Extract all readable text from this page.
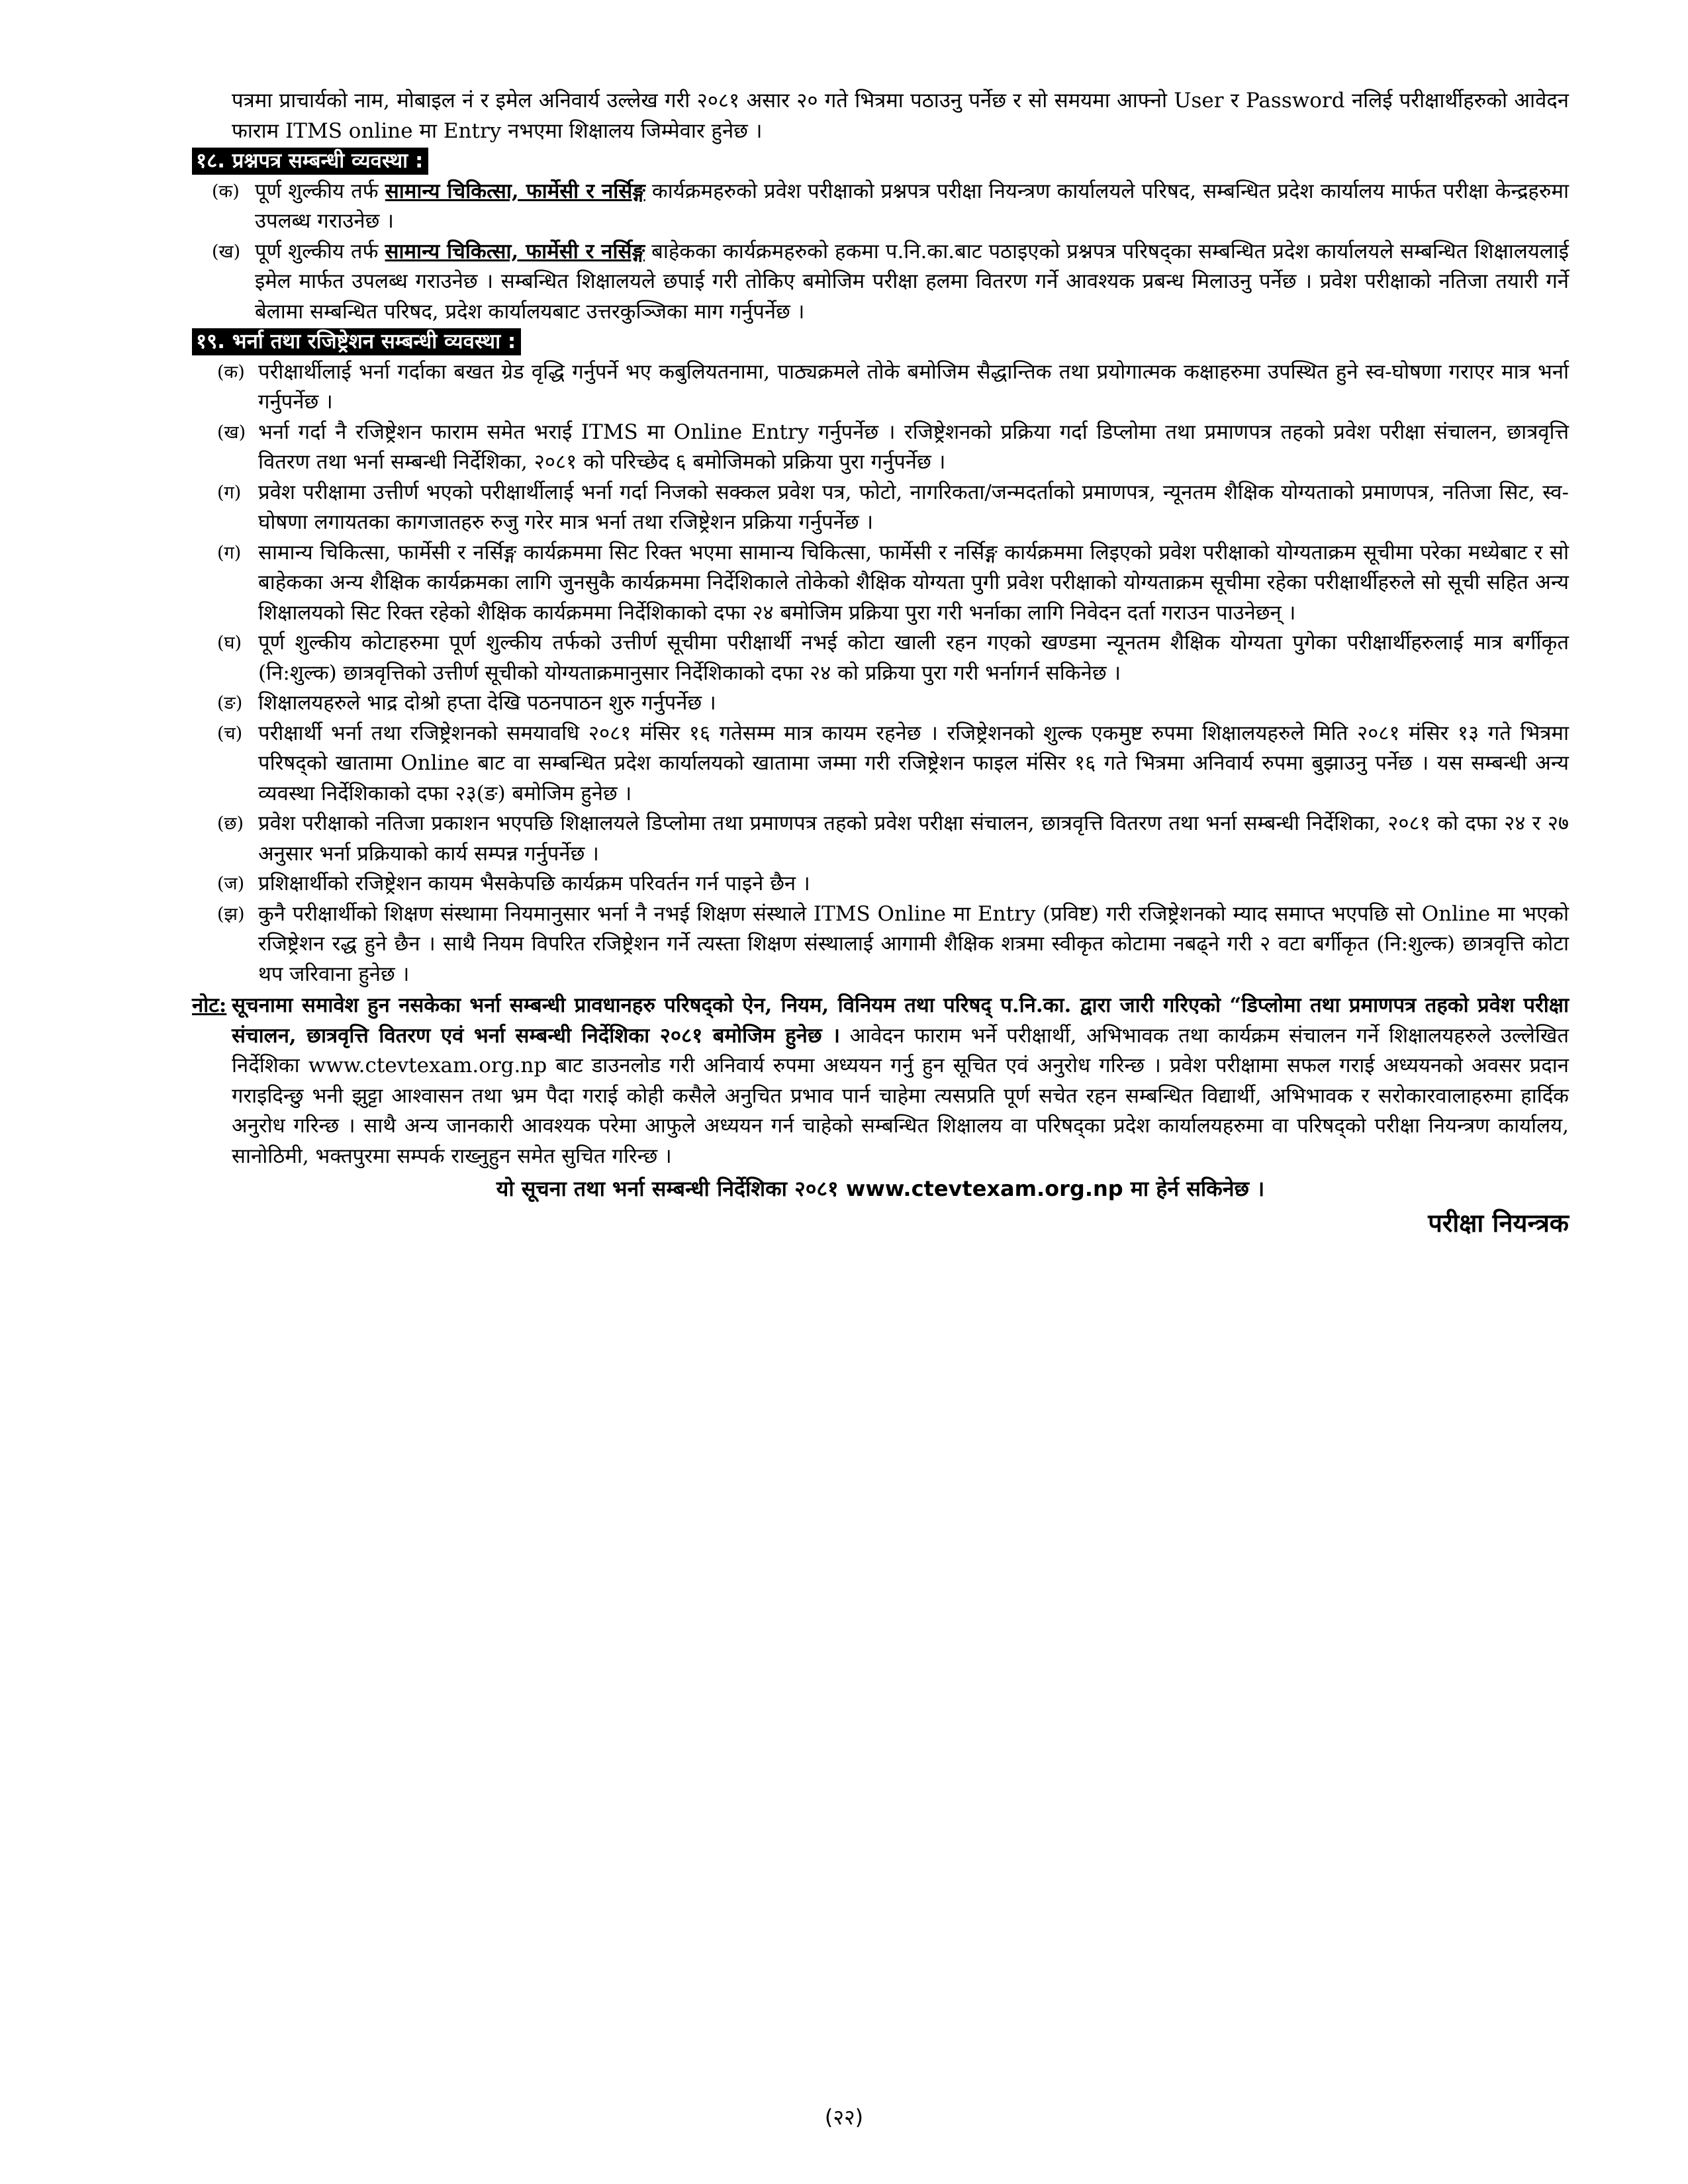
पत्रमा प्राचार्यको नाम, मोबाइल नं र इमेल अनिवार्य उल्लेख गरी २०८१ असार २० गते भित्रमा पठाउनु पर्नेछ र सो समयमा आफ्नो User र Password नलिई परीक्षार्थीहरुको आवेदन फाराम ITMS online मा Entry नभएमा शिक्षालय जिम्मेवार हुनेछ ।

१८. प्रश्नपत्र सम्बन्धी व्यवस्था :

(क) पूर्ण शुल्कीय तर्फ सामान्य चिकित्सा, फार्मेसी र नर्सिङ्ग कार्यक्रमहरुको प्रवेश परीक्षाको प्रश्नपत्र परीक्षा नियन्त्रण कार्यालयले परिषद, सम्बन्धित प्रदेश कार्यालय मार्फत परीक्षा केन्द्रहरुमा उपलब्ध गराउनेछ ।

(ख) पूर्ण शुल्कीय तर्फ सामान्य चिकित्सा, फार्मेसी र नर्सिङ्ग बाहेकका कार्यक्रमहरुको हकमा प.नि.का.बाट पठाइएको प्रश्नपत्र परिषद्का सम्बन्धित प्रदेश कार्यालयले सम्बन्धित शिक्षालयलाई इमेल मार्फत उपलब्ध गराउनेछ । सम्बन्धित शिक्षालयले छपाई गरी तोकिए बमोजिम परीक्षा हलमा वितरण गर्ने आवश्यक प्रबन्ध मिलाउनु पर्नेछ । प्रवेश परीक्षाको नतिजा तयारी गर्ने बेलामा सम्बन्धित परिषद, प्रदेश कार्यालयबाट उत्तरकुञ्जिका माग गर्नुपर्नेछ ।

१९. भर्ना तथा रजिष्ट्रेशन सम्बन्धी व्यवस्था :

(क) परीक्षार्थीलाई भर्ना गर्दाका बखत ग्रेड वृद्धि गर्नुपर्ने भए कबुलियतनामा, पाठ्यक्रमले तोके बमोजिम सैद्धान्तिक तथा प्रयोगात्मक कक्षाहरुमा उपस्थित हुने स्व-घोषणा गराएर मात्र भर्ना गर्नुपर्नेछ ।

(ख) भर्ना गर्दा नै रजिष्ट्रेशन फाराम समेत भराई ITMS मा Online Entry गर्नुपर्नेछ । रजिष्ट्रेशनको प्रक्रिया गर्दा डिप्लोमा तथा प्रमाणपत्र तहको प्रवेश परीक्षा संचालन, छात्रवृत्ति वितरण तथा भर्ना सम्बन्धी निर्देशिका, २०८१ को परिच्छेद ६ बमोजिमको प्रक्रिया पुरा गर्नुपर्नेछ ।

(ग) प्रवेश परीक्षामा उत्तीर्ण भएको परीक्षार्थीलाई भर्ना गर्दा निजको सक्कल प्रवेश पत्र, फोटो, नागरिकता/जन्मदर्ताको प्रमाणपत्र, न्यूनतम शैक्षिक योग्यताको प्रमाणपत्र, नतिजा सिट, स्व-घोषणा लगायतका कागजातहरु रुजु गरेर मात्र भर्ना तथा रजिष्ट्रेशन प्रक्रिया गर्नुपर्नेछ ।

(ग) सामान्य चिकित्सा, फार्मेसी र नर्सिङ्ग कार्यक्रममा सिट रिक्त भएमा सामान्य चिकित्सा, फार्मेसी र नर्सिङ्ग कार्यक्रममा लिइएको प्रवेश परीक्षाको योग्यताक्रम सूचीमा परेका मध्येबाट र सो बाहेकका अन्य शैक्षिक कार्यक्रमका लागि जुनसुकै कार्यक्रममा निर्देशिकाले तोकेको शैक्षिक योग्यता पुगी प्रवेश परीक्षाको योग्यताक्रम सूचीमा रहेका परीक्षार्थीहरुले सो सूची सहित अन्य शिक्षालयको सिट रिक्त रहेको शैक्षिक कार्यक्रममा निर्देशिकाको दफा २४ बमोजिम प्रक्रिया पुरा गरी भर्नाका लागि निवेदन दर्ता गराउन पाउनेछन् ।

(घ) पूर्ण शुल्कीय कोटाहरुमा पूर्ण शुल्कीय तर्फको उत्तीर्ण सूचीमा परीक्षार्थी नभई कोटा खाली रहन गएको खण्डमा न्यूनतम शैक्षिक योग्यता पुगेका परीक्षार्थीहरुलाई मात्र बर्गीकृत (नि:शुल्क) छात्रवृत्तिको उत्तीर्ण सूचीको योग्यताक्रमानुसार निर्देशिकाको दफा २४ को प्रक्रिया पुरा गरी भर्नागर्न सकिनेछ ।

(ङ) शिक्षालयहरुले भाद्र दोश्रो हप्ता देखि पठनपाठन शुरु गर्नुपर्नेछ ।

(च) परीक्षार्थी भर्ना तथा रजिष्ट्रेशनको समयावधि २०८१ मंसिर १६ गतेसम्म मात्र कायम रहनेछ । रजिष्ट्रेशनको शुल्क एकमुष्ट रुपमा शिक्षालयहरुले मिति २०८१ मंसिर १३ गते भित्रमा परिषद्को खातामा Online बाट वा सम्बन्धित प्रदेश कार्यालयको खातामा जम्मा गरी रजिष्ट्रेशन फाइल मंसिर १६ गते भित्रमा अनिवार्य रुपमा बुझाउनु पर्नेछ । यस सम्बन्धी अन्य व्यवस्था निर्देशिकाको दफा २३(ङ) बमोजिम हुनेछ ।

(छ) प्रवेश परीक्षाको नतिजा प्रकाशन भएपछि शिक्षालयले डिप्लोमा तथा प्रमाणपत्र तहको प्रवेश परीक्षा संचालन, छात्रवृत्ति वितरण तथा भर्ना सम्बन्धी निर्देशिका, २०८१ को दफा २४ र २७ अनुसार भर्ना प्रक्रियाको कार्य सम्पन्न गर्नुपर्नेछ ।

(ज) प्रशिक्षार्थीको रजिष्ट्रेशन कायम भैसकेपछि कार्यक्रम परिवर्तन गर्न पाइने छैन ।

(झ) कुनै परीक्षार्थीको शिक्षण संस्थामा नियमानुसार भर्ना नै नभई शिक्षण संस्थाले ITMS Online मा Entry (प्रविष्ट) गरी रजिष्ट्रेशनको म्याद समाप्त भएपछि सो Online मा भएको रजिष्ट्रेशन रद्ध हुने छैन । साथै नियम विपरित रजिष्ट्रेशन गर्ने त्यस्ता शिक्षण संस्थालाई आगामी शैक्षिक शत्रमा स्वीकृत कोटामा नबढ्ने गरी २ वटा बर्गीकृत (नि:शुल्क) छात्रवृत्ति कोटा थप जरिवाना हुनेछ ।

नोट: सूचनामा समावेश हुन नसकेका भर्ना सम्बन्धी प्रावधानहरु परिषद्को ऐन, नियम, विनियम तथा परिषद् प.नि.का. द्वारा जारी गरिएको “डिप्लोमा तथा प्रमाणपत्र तहको प्रवेश परीक्षा संचालन, छात्रवृत्ति वितरण एवं भर्ना सम्बन्धी निर्देशिका २०८१ बमोजिम हुनेछ । आवेदन फाराम भर्ने परीक्षार्थी, अभिभावक तथा कार्यक्रम संचालन गर्ने शिक्षालयहरुले उल्लेखित निर्देशिका www.ctevtexam.org.np बाट डाउनलोड गरी अनिवार्य रुपमा अध्ययन गर्नु हुन सूचित एवं अनुरोध गरिन्छ । प्रवेश परीक्षामा सफल गराई अध्ययनको अवसर प्रदान गराइदिन्छु भनी झुट्टा आश्वासन तथा भ्रम पैदा गराई कोही कसैले अनुचित प्रभाव पार्न चाहेमा त्यसप्रति पूर्ण सचेत रहन सम्बन्धित विद्यार्थी, अभिभावक र सरोकारवालाहरुमा हार्दिक अनुरोध गरिन्छ । साथै अन्य जानकारी आवश्यक परेमा आफुले अध्ययन गर्न चाहेको सम्बन्धित शिक्षालय वा परिषद्का प्रदेश कार्यालयहरुमा वा परिषद्को परीक्षा नियन्त्रण कार्यालय, सानोठिमी, भक्तपुरमा सम्पर्क राख्नुहुन समेत सुचित गरिन्छ ।

यो सूचना तथा भर्ना सम्बन्धी निर्देशिका २०८१ www.ctevtexam.org.np मा हेर्न सकिनेछ ।
परीक्षा नियन्त्रक
(२२)
